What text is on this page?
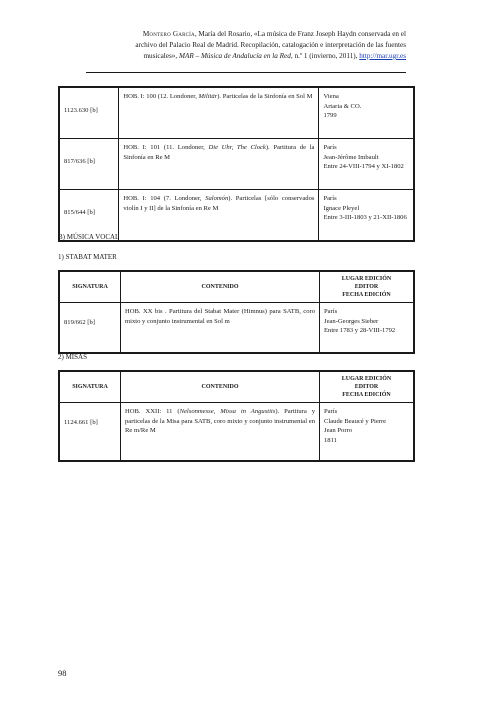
Montero García, María del Rosario, «La música de Franz Joseph Haydn conservada en el
archivo del Palacio Real de Madrid. Recopilación, catalogación e interpretación de las fuentes
musicales», MAR – Música de Andalucía en la Red, n.º 1 (invierno, 2011), http://mar.ugr.es
1123.630 [b]	HOB. I: 100 (12. Londoner, Militär). Particelas de la Sinfonía en Sol M	Viena
Artaria & CO.
1799
817/636 [b]	HOB. I: 101 (11. Londoner, Die Uhr, The Clock). Partitura de la Sinfonía en Re M	París
Jean-Jérôme Imbault
Entre 24-VIII-1794 y XI-1802
815/644 [b]	HOB. I: 104 (7. Londoner, Salomón). Particelas [sólo conservados violín I y II] de la Sinfonía en Re M	París
Ignace Pleyel
Entre 3-III-1803 y 21-XII-1806
B) MÚSICA VOCAL
1) STABAT MATER
SIGNATURA	CONTENIDO	LUGAR EDICIÓN
EDITOR
FECHA EDICIÓN
819/662 [b]	HOB. XX bis . Partitura del Stabat Mater (Himnus) para SATB, coro mixto y conjunto instrumental en Sol m	París
Jean-Georges Sieber
Entre 1783 y 28-VIII-1792
2) MISAS
SIGNATURA	CONTENIDO	LUGAR EDICIÓN
EDITOR
FECHA EDICIÓN
1124.661 [b]	HOB. XXII: 11 (Nelsonmesse, Missa in Angustiis). Partitura y particelas de la Misa para SATB, coro mixto y conjunto instrumental en Re m/Re M	París
Claude Beaucé y Pierre
Jean Porro
1811
98
